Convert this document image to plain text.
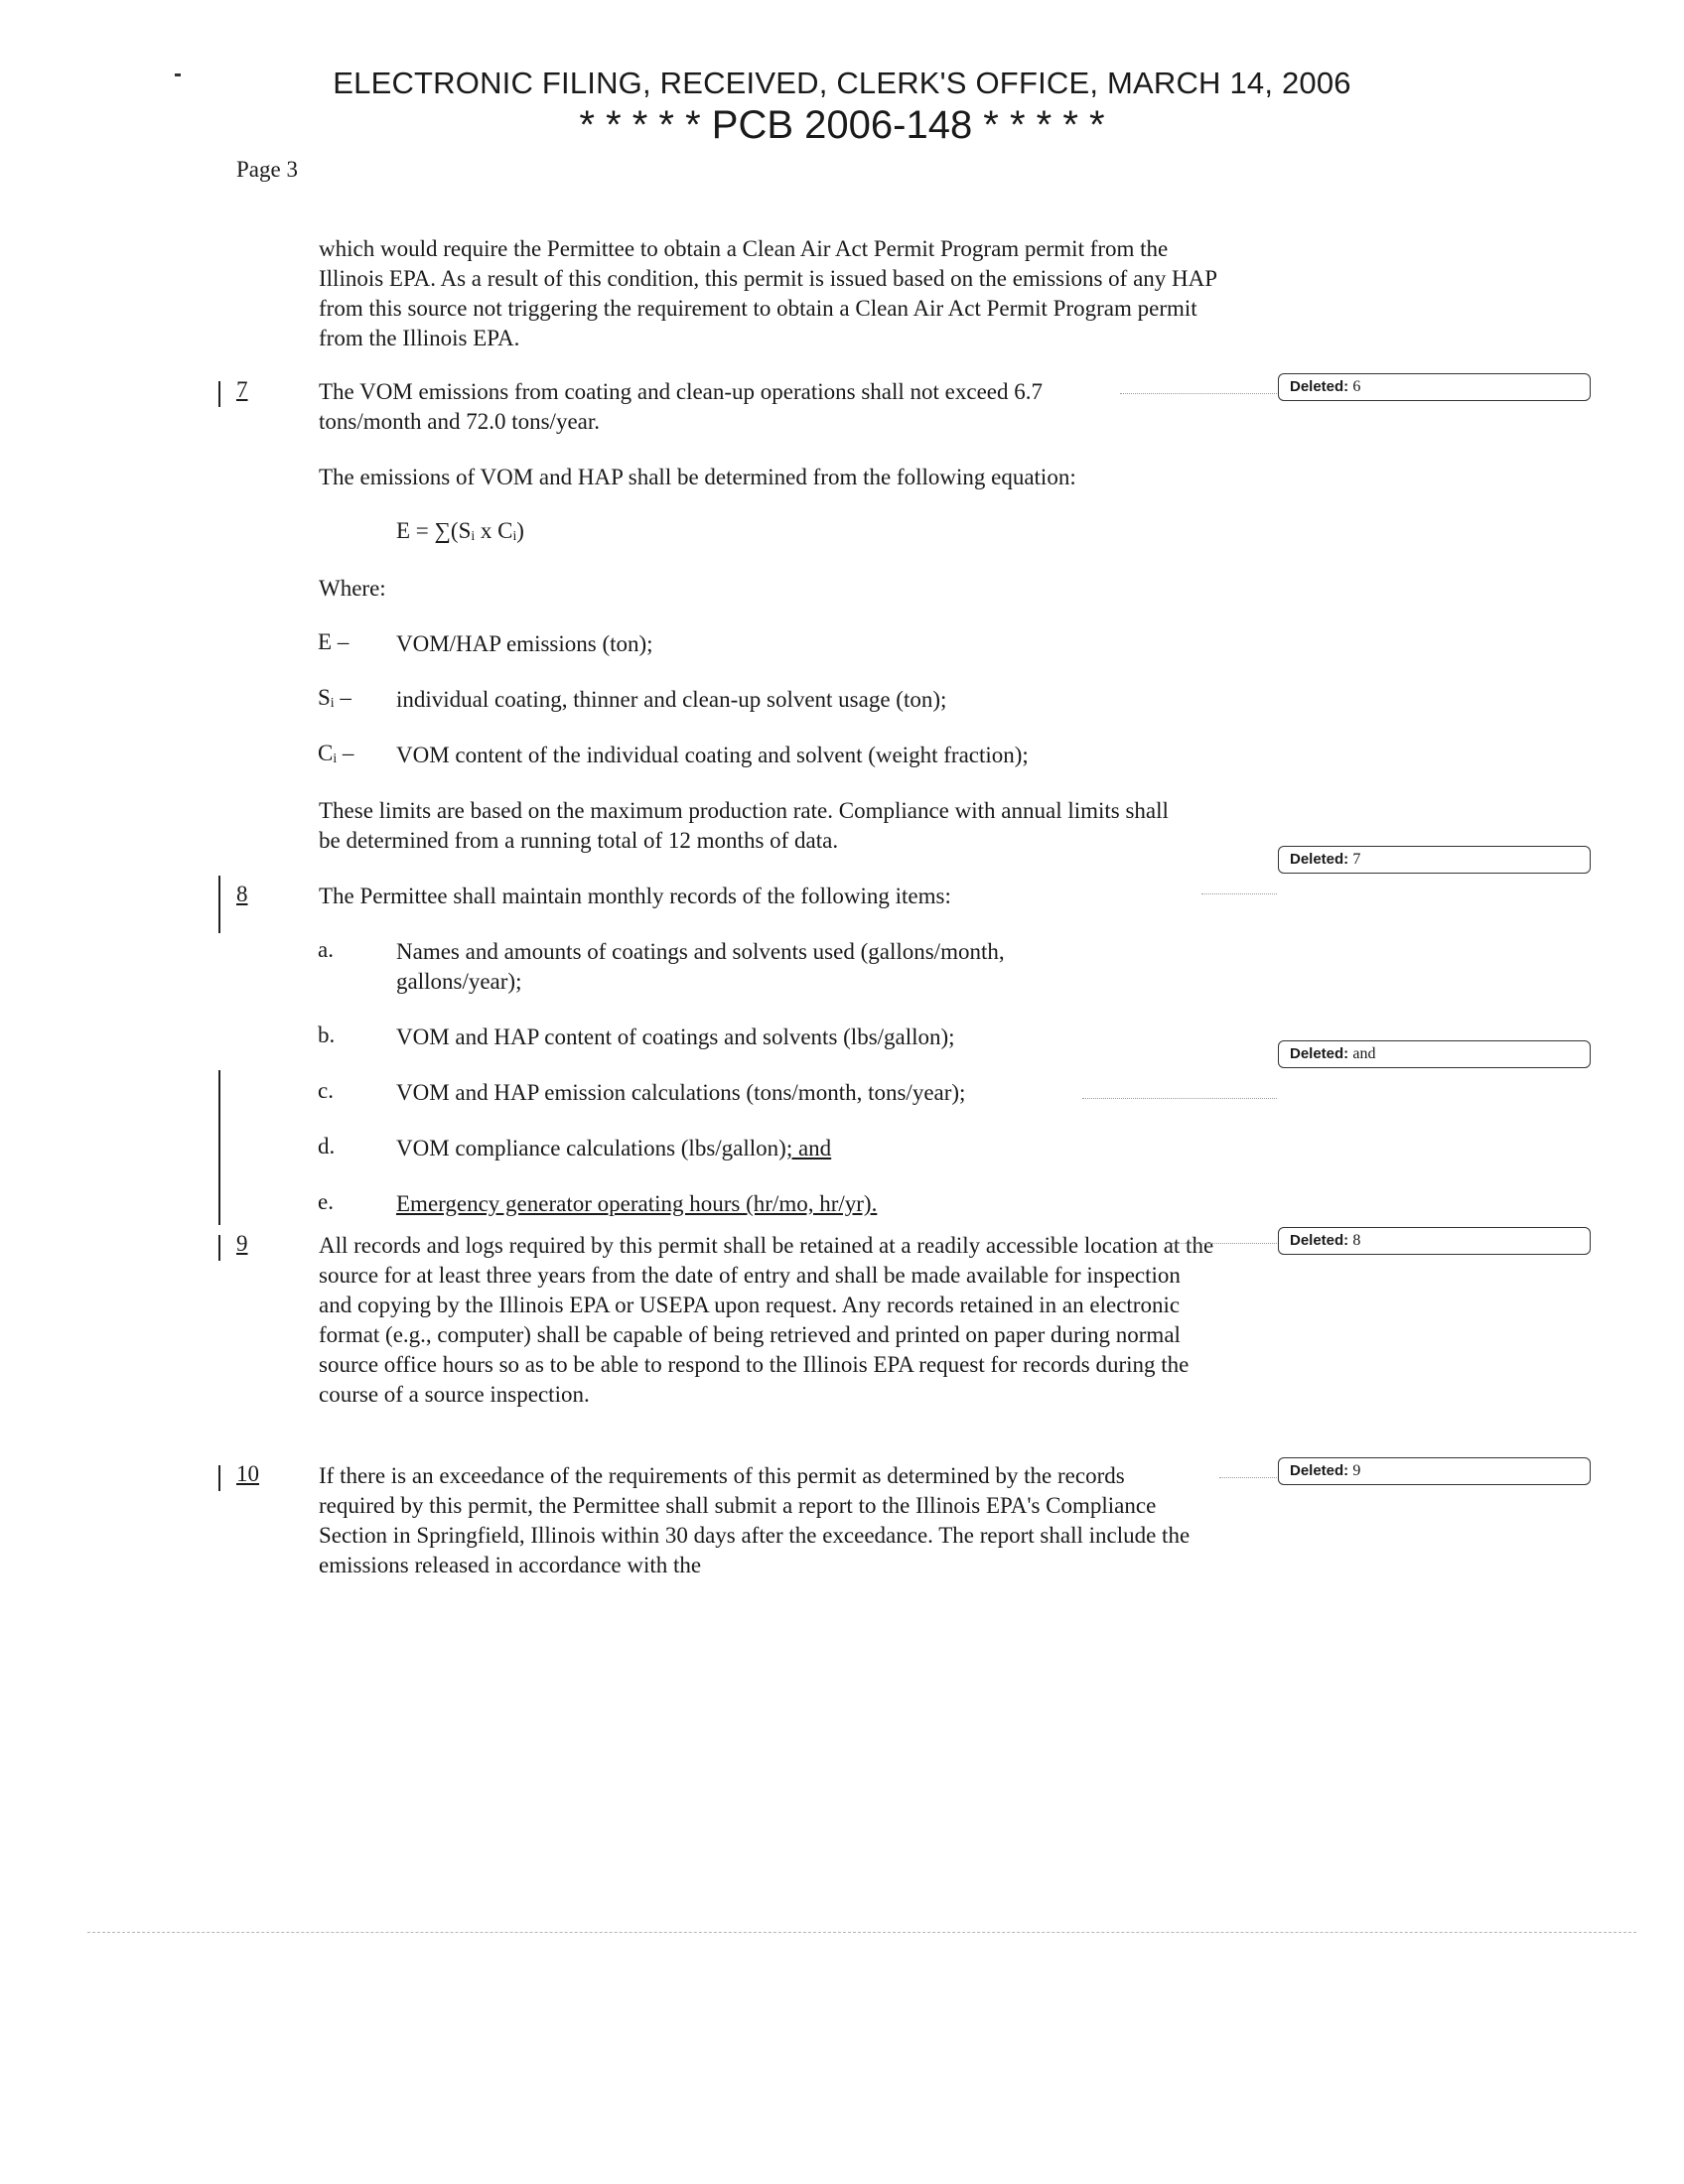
ELECTRONIC FILING, RECEIVED, CLERK'S OFFICE, MARCH 14, 2006
* * * * * PCB 2006-148 * * * * *
Page 3

which would require the Permittee to obtain a Clean Air Act Permit Program permit from the Illinois EPA. As a result of this condition, this permit is issued based on the emissions of any HAP from this source not triggering the requirement to obtain a Clean Air Act Permit Program permit from the Illinois EPA.

7	The VOM emissions from coating and clean-up operations shall not exceed 6.7 tons/month and 72.0 tons/year.

The emissions of VOM and HAP shall be determined from the following equation:

E = ∑(Sᵢ x Cᵢ)

Where:

E – VOM/HAP emissions (ton);
Sᵢ – individual coating, thinner and clean-up solvent usage (ton);
Cᵢ – VOM content of the individual coating and solvent (weight fraction);

These limits are based on the maximum production rate. Compliance with annual limits shall be determined from a running total of 12 months of data.

8	The Permittee shall maintain monthly records of the following items:

a.	Names and amounts of coatings and solvents used (gallons/month, gallons/year);
b.	VOM and HAP content of coatings and solvents (lbs/gallon);
c.	VOM and HAP emission calculations (tons/month, tons/year);
d.	VOM compliance calculations (lbs/gallon); and
e.	Emergency generator operating hours (hr/mo, hr/yr).
9	All records and logs required by this permit shall be retained at a readily accessible location at the source for at least three years from the date of entry and shall be made available for inspection and copying by the Illinois EPA or USEPA upon request. Any records retained in an electronic format (e.g., computer) shall be capable of being retrieved and printed on paper during normal source office hours so as to be able to respond to the Illinois EPA request for records during the course of a source inspection.

10	If there is an exceedance of the requirements of this permit as determined by the records required by this permit, the Permittee shall submit a report to the Illinois EPA's Compliance Section in Springfield, Illinois within 30 days after the exceedance. The report shall include the emissions released in accordance with the

Deleted: 6
Deleted: 7
Deleted: and
Deleted: 8
Deleted: 9
